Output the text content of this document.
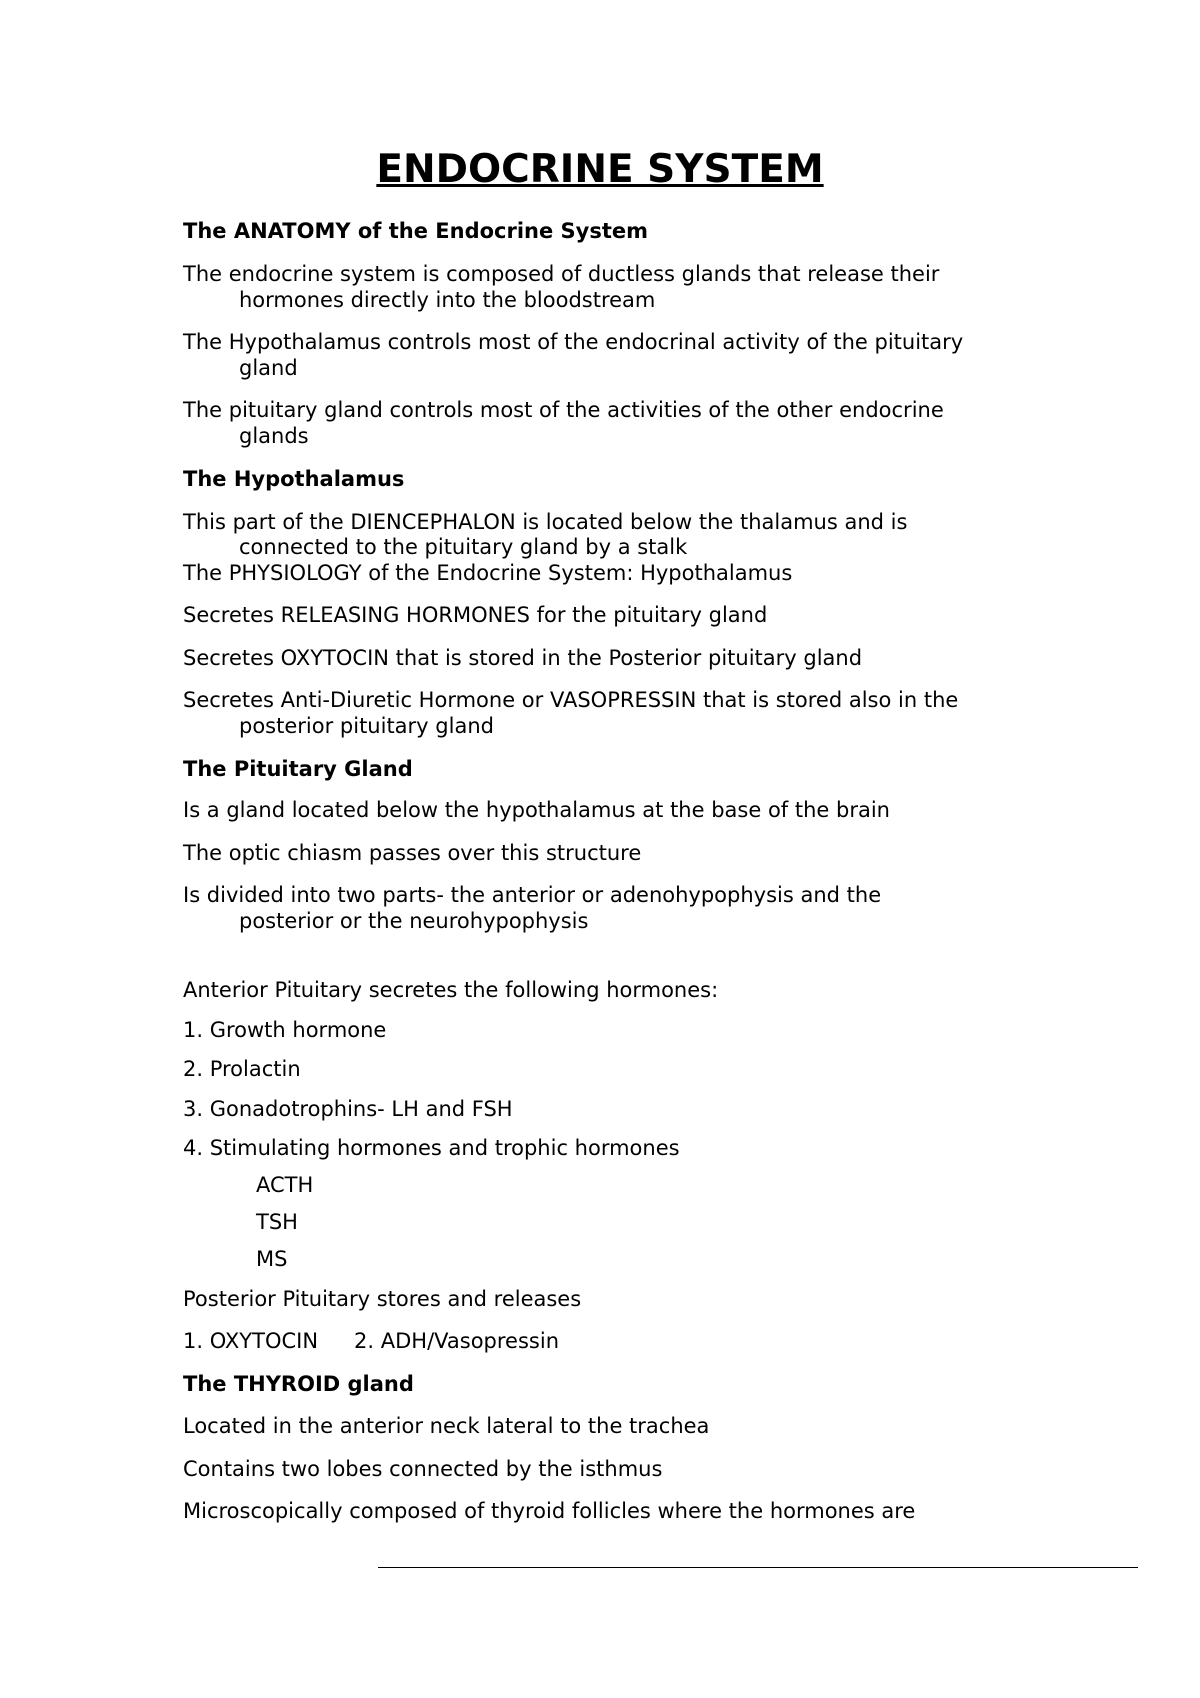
ENDOCRINE SYSTEM
The ANATOMY of the Endocrine System
The endocrine system is composed of ductless glands that release their
hormones directly into the bloodstream
The Hypothalamus controls most of the endocrinal activity of the pituitary
gland
The pituitary gland controls most of the activities of the other endocrine
glands
The Hypothalamus
This part of the DIENCEPHALON is located below the thalamus and is
connected to the pituitary gland by a stalk
The PHYSIOLOGY of the Endocrine System: Hypothalamus
Secretes RELEASING HORMONES for the pituitary gland
Secretes OXYTOCIN that is stored in the Posterior pituitary gland
Secretes Anti-Diuretic Hormone or VASOPRESSIN that is stored also in the
posterior pituitary gland
The Pituitary Gland
Is a gland located below the hypothalamus at the base of the brain
The optic chiasm passes over this structure
Is divided into two parts- the anterior or adenohypophysis and the
posterior or the neurohypophysis
Anterior Pituitary secretes the following hormones:
1. Growth hormone
2. Prolactin
3. Gonadotrophins- LH and FSH
4. Stimulating hormones and trophic hormones
ACTH
TSH
MS
Posterior Pituitary stores and releases
1. OXYTOCIN 2. ADH/Vasopressin
The THYROID gland
Located in the anterior neck lateral to the trachea
Contains two lobes connected by the isthmus
Microscopically composed of thyroid follicles where the hormones are
